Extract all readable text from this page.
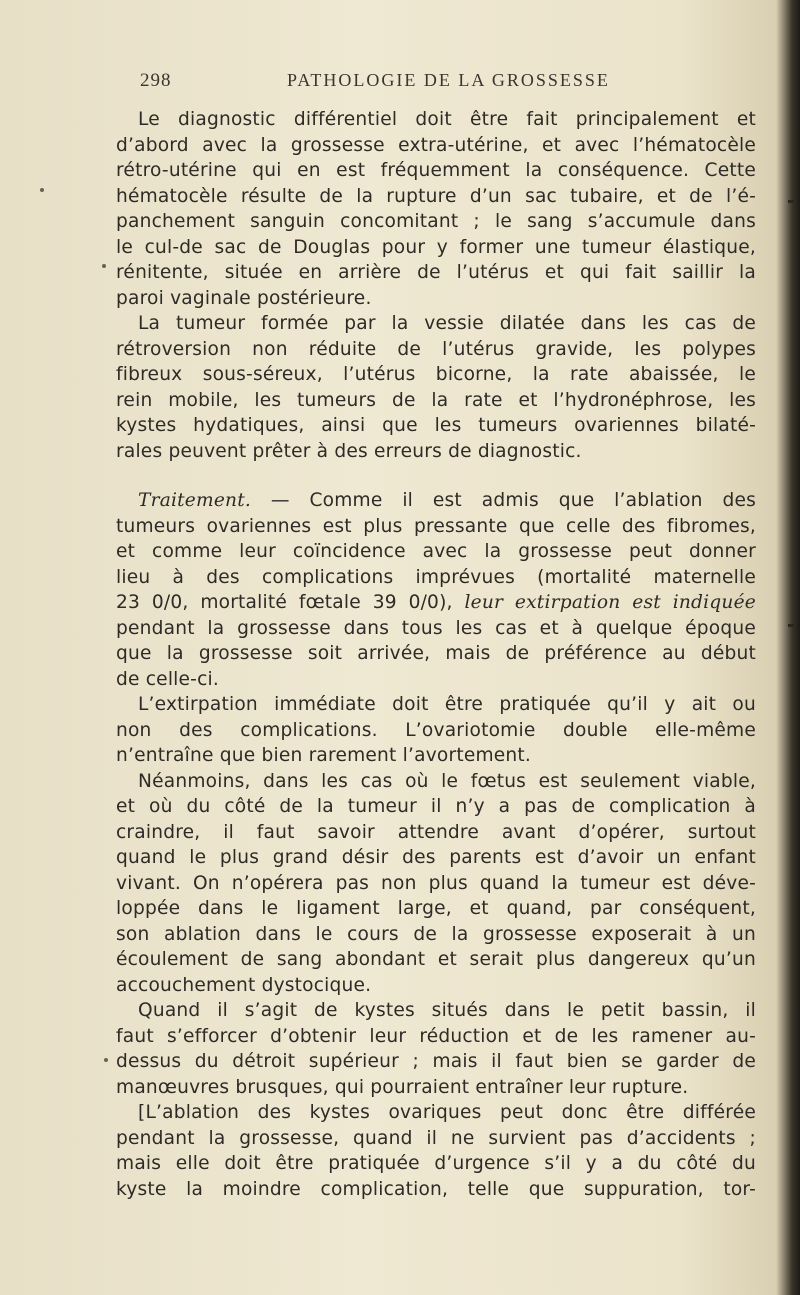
298	PATHOLOGIE DE LA GROSSESSE
Le diagnostic différentiel doit être fait principalement et
d’abord avec la grossesse extra-utérine, et avec l’hématocèle
rétro-utérine qui en est fréquemment la conséquence. Cette
hématocèle résulte de la rupture d’un sac tubaire, et de l’é-
panchement sanguin concomitant ; le sang s’accumule dans
le cul-de sac de Douglas pour y former une tumeur élastique,
rénitente, située en arrière de l’utérus et qui fait saillir la
paroi vaginale postérieure.
La tumeur formée par la vessie dilatée dans les cas de
rétroversion non réduite de l’utérus gravide, les polypes
fibreux sous-séreux, l’utérus bicorne, la rate abaissée, le
rein mobile, les tumeurs de la rate et l’hydronéphrose, les
kystes hydatiques, ainsi que les tumeurs ovariennes bilaté-
rales peuvent prêter à des erreurs de diagnostic.
Traitement. — Comme il est admis que l’ablation des
tumeurs ovariennes est plus pressante que celle des fibromes,
et comme leur coïncidence avec la grossesse peut donner
lieu à des complications imprévues (mortalité maternelle
23 0/0, mortalité fœtale 39 0/0), leur extirpation est indiquée
pendant la grossesse dans tous les cas et à quelque époque
que la grossesse soit arrivée, mais de préférence au début
de celle-ci.
L’extirpation immédiate doit être pratiquée qu’il y ait ou
non des complications. L’ovariotomie double elle-même
n’entraîne que bien rarement l’avortement.
Néanmoins, dans les cas où le fœtus est seulement viable,
et où du côté de la tumeur il n’y a pas de complication à
craindre, il faut savoir attendre avant d’opérer, surtout
quand le plus grand désir des parents est d’avoir un enfant
vivant. On n’opérera pas non plus quand la tumeur est déve-
loppée dans le ligament large, et quand, par conséquent,
son ablation dans le cours de la grossesse exposerait à un
écoulement de sang abondant et serait plus dangereux qu’un
accouchement dystocique.
Quand il s’agit de kystes situés dans le petit bassin, il
faut s’efforcer d’obtenir leur réduction et de les ramener au-
dessus du détroit supérieur ; mais il faut bien se garder de
manœuvres brusques, qui pourraient entraîner leur rupture.
[L’ablation des kystes ovariques peut donc être différée
pendant la grossesse, quand il ne survient pas d’accidents ;
mais elle doit être pratiquée d’urgence s’il y a du côté du
kyste la moindre complication, telle que suppuration, tor-
